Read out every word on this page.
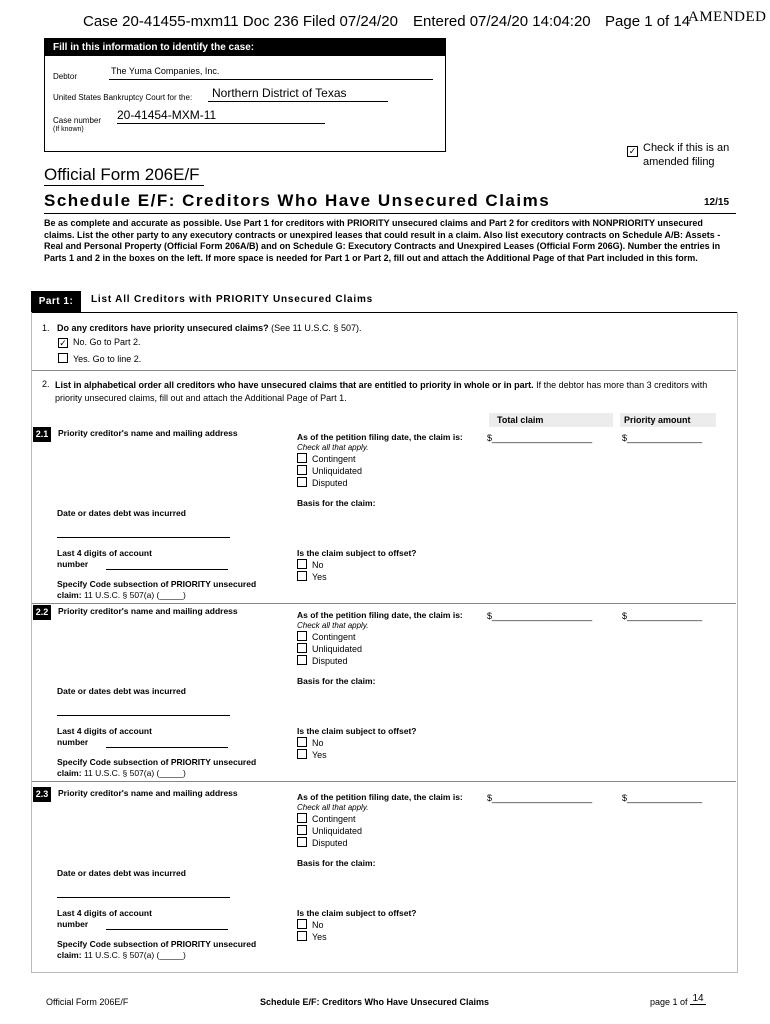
Case 20-41455-mxm11 Doc 236 Filed 07/24/20 Entered 07/24/20 14:04:20 Page 1 of 14
AMENDED
Fill in this information to identify the case:
Debtor
The Yuma Companies, Inc.
United States Bankruptcy Court for the: Northern District of Texas
Case number
(If known)
20-41454-MXM-11
✓ Check if this is an
amended filing
Official Form 206E/F
Schedule E/F: Creditors Who Have Unsecured Claims	12/15
Be as complete and accurate as possible. Use Part 1 for creditors with PRIORITY unsecured claims and Part 2 for creditors with NONPRIORITY unsecured claims. List the other party to any executory contracts or unexpired leases that could result in a claim. Also list executory contracts on Schedule A/B: Assets - Real and Personal Property (Official Form 206A/B) and on Schedule G: Executory Contracts and Unexpired Leases (Official Form 206G). Number the entries in Parts 1 and 2 in the boxes on the left. If more space is needed for Part 1 or Part 2, fill out and attach the Additional Page of that Part included in this form.
Part 1:	List All Creditors with PRIORITY Unsecured Claims
1. Do any creditors have priority unsecured claims? (See 11 U.S.C. § 507).
✓ No. Go to Part 2.
Yes. Go to line 2.
2. List in alphabetical order all creditors who have unsecured claims that are entitled to priority in whole or in part. If the debtor has more than 3 creditors with priority unsecured claims, fill out and attach the Additional Page of Part 1.
Total claim	Priority amount
2.1	Priority creditor's name and mailing address	As of the petition filing date, the claim is:	$____________________	$_______________
Check all that apply.
Contingent
Unliquidated
Disputed
Basis for the claim:
Date or dates debt was incurred
Last 4 digits of account
number
Is the claim subject to offset?
No
Yes
Specify Code subsection of PRIORITY unsecured
claim: 11 U.S.C. § 507(a) (_____)
2.2	Priority creditor's name and mailing address	As of the petition filing date, the claim is:	$____________________	$_______________
Check all that apply.
Contingent
Unliquidated
Disputed
Basis for the claim:
Date or dates debt was incurred
Last 4 digits of account
number
Is the claim subject to offset?
No
Yes
Specify Code subsection of PRIORITY unsecured
claim: 11 U.S.C. § 507(a) (_____)
2.3	Priority creditor's name and mailing address	As of the petition filing date, the claim is:	$____________________	$_______________
Check all that apply.
Contingent
Unliquidated
Disputed
Basis for the claim:
Date or dates debt was incurred
Last 4 digits of account
number
Is the claim subject to offset?
No
Yes
Specify Code subsection of PRIORITY unsecured
claim: 11 U.S.C. § 507(a) (_____)
Official Form 206E/F	Schedule E/F: Creditors Who Have Unsecured Claims	page 1 of 14
